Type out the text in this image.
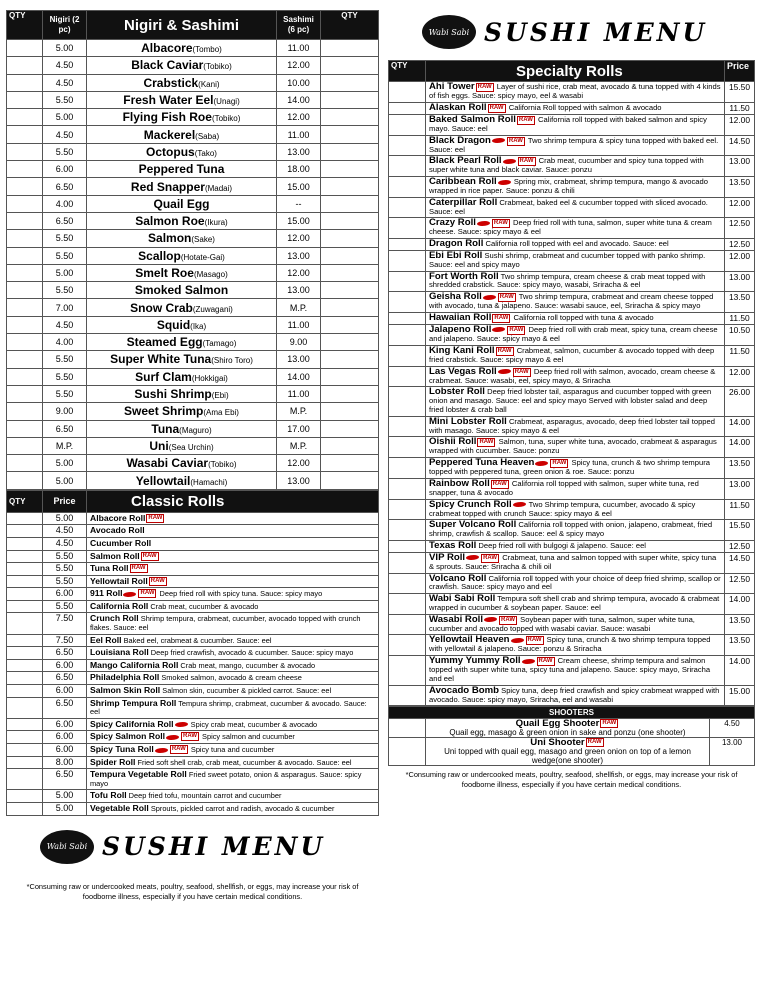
QTY	Nigiri (2 pc)	Nigiri & Sashimi	Sashimi (6 pc)	QTY
	5.00	Albacore(Tombo)	11.00	
	4.50	Black Caviar(Tobiko)	12.00	
	4.50	Crabstick(Kani)	10.00	
	5.50	Fresh Water Eel(Unagi)	14.00	
	5.00	Flying Fish Roe(Tobiko)	12.00	
	4.50	Mackerel(Saba)	11.00	
	5.50	Octopus(Tako)	13.00	
	6.00	Peppered Tuna	18.00	
	6.50	Red Snapper(Madai)	15.00	
	4.00	Quail Egg	--	
	6.50	Salmon Roe(Ikura)	15.00	
	5.50	Salmon(Sake)	12.00	
	5.50	Scallop(Hotate-Gai)	13.00	
	5.00	Smelt Roe(Masago)	12.00	
	5.50	Smoked Salmon	13.00	
	7.00	Snow Crab(Zuwagani)	M.P.	
	4.50	Squid(Ika)	11.00	
	4.00	Steamed Egg(Tamago)	9.00	
	5.50	Super White Tuna(Shiro Toro)	13.00	
	5.50	Surf Clam(Hokkigai)	14.00	
	5.50	Sushi Shrimp(Ebi)	11.00	
	9.00	Sweet Shrimp(Ama Ebi)	M.P.	
	6.50	Tuna(Maguro)	17.00	
	M.P.	Uni(Sea Urchin)	M.P.	
	5.00	Wasabi Caviar(Tobiko)	12.00	
	5.00	Yellowtail(Hamachi)	13.00	
QTY	Price	Classic Rolls
	5.00	Albacore Roll RAW
	4.50	Avocado Roll
	4.50	Cucumber Roll
	5.50	Salmon Roll RAW
	5.50	Tuna Roll RAW
	5.50	Yellowtail Roll RAW
	6.00	911 Roll RAW Deep fried roll with spicy tuna. Sauce: spicy mayo
	5.50	California Roll Crab meat, cucumber & avocado
	7.50	Crunch Roll Shrimp tempura, crabmeat, cucumber, avocado topped with crunch flakes. Sauce: eel
	7.50	Eel Roll Baked eel, crabmeat & cucumber. Sauce: eel
	6.50	Louisiana Roll Deep fried crawfish, avocado & cucumber. Sauce: spicy mayo
	6.00	Mango California Roll Crab meat, mango, cucumber & avocado
	6.50	Philadelphia Roll Smoked salmon, avocado & cream cheese
	6.00	Salmon Skin Roll Salmon skin, cucumber & pickled carrot. Sauce: eel
	6.50	Shrimp Tempura Roll Tempura shrimp, crabmeat, cucumber & avocado. Sauce: eel
	6.00	Spicy California Roll Spicy crab meat, cucumber & avocado
	6.00	Spicy Salmon Roll RAW Spicy salmon and cucumber
	6.00	Spicy Tuna Roll RAW Spicy tuna and cucumber
	8.00	Spider Roll Fried soft shell crab, crab meat, cucumber & avocado. Sauce: eel
	6.50	Tempura Vegetable Roll Fried sweet potato, onion & asparagus. Sauce: spicy mayo
	5.00	Tofu Roll Deep fried tofu, mountain carrot and cucumber
	5.00	Vegetable Roll Sprouts, pickled carrot and radish, avocado & cucumber
Wabi Sabi SUSHI MENU
*Consuming raw or undercooked meats, poultry, seafood, shellfish, or eggs, may increase your risk of foodborne illness, especially if you have certain medical conditions.
Wabi Sabi SUSHI MENU
QTY	Specialty Rolls	Price
	Ahi Tower RAW Layer of sushi rice, crab meat, avocado & tuna topped with 4 kinds of fish eggs. Sauce: spicy mayo, eel & wasabi	15.50
	Alaskan Roll RAW California Roll topped with salmon & avocado	11.50
	Baked Salmon Roll RAW California roll topped with baked salmon and spicy mayo. Sauce: eel	12.00
	Black Dragon RAW Two shrimp tempura & spicy tuna topped with baked eel. Sauce: eel	14.50
	Black Pearl Roll RAW Crab meat, cucumber and spicy tuna topped with super white tuna and black caviar. Sauce: ponzu	13.00
	Caribbean Roll Spring mix, crabmeat, shrimp tempura, mango & avocado wrapped in rice paper. Sauce: ponzu & chili	13.50
	Caterpillar Roll Crabmeat, baked eel & cucumber topped with sliced avocado. Sauce: eel	12.00
	Crazy Roll RAW Deep fried roll with tuna, salmon, super white tuna & cream cheese. Sauce: spicy mayo & eel	12.50
	Dragon Roll California roll topped with eel and avocado. Sauce: eel	12.50
	Ebi Ebi Roll Sushi shrimp, crabmeat and cucumber topped with panko shrimp. Sauce: eel and spicy mayo	12.00
	Fort Worth Roll Two shrimp tempura, cream cheese & crab meat topped with shredded crabstick. Sauce: spicy mayo, wasabi, Sriracha & eel	13.00
	Geisha Roll RAW Two shrimp tempura, crabmeat and cream cheese topped with avocado, tuna & jalapeno. Sauce: wasabi sauce, eel, Sriracha & spicy mayo	13.50
	Hawaiian Roll RAW California roll topped with tuna & avocado	11.50
	Jalapeno Roll RAW Deep fried roll with crab meat, spicy tuna, cream cheese and jalapeno. Sauce: spicy mayo & eel	10.50
	King Kani Roll RAW Crabmeat, salmon, cucumber & avocado topped with deep fried crabstick. Sauce: spicy mayo & eel	11.50
	Las Vegas Roll RAW Deep fried roll with salmon, avocado, cream cheese & crabmeat. Sauce: wasabi, eel, spicy mayo, & Sriracha	12.00
	Lobster Roll Deep fried lobster tail, asparagus and cucumber topped with green onion and masago. Sauce: eel and spicy mayo Served with lobster salad and deep fried lobster & crab ball	26.00
	Mini Lobster Roll Crabmeat, asparagus, avocado, deep fried lobster tail topped with masago. Sauce: spicy mayo & eel	14.00
	Oishii Roll RAW Salmon, tuna, super white tuna, avocado, crabmeat & asparagus wrapped with cucumber. Sauce: ponzu	14.00
	Peppered Tuna Heaven RAW Spicy tuna, crunch & two shrimp tempura topped with peppered tuna, green onion & roe. Sauce: ponzu	13.50
	Rainbow Roll RAW California roll topped with salmon, super white tuna, red snapper, tuna & avocado	13.00
	Spicy Crunch Roll Two Shrimp tempura, cucumber, avocado & spicy crabmeat topped with crunch Sauce: spicy mayo & eel	11.50
	Super Volcano Roll California roll topped with onion, jalapeno, crabmeat, fried shrimp, crawfish & scallop. Sauce: eel & spicy mayo	15.50
	Texas Roll Deep fried roll with bulgogi & jalapeno. Sauce: eel	12.50
	VIP Roll RAW Crabmeat, tuna and salmon topped with super white, spicy tuna & sprouts. Sauce: Sriracha & chili oil	14.50
	Volcano Roll California roll topped with your choice of deep fried shrimp, scallop or crawfish. Sauce: spicy mayo and eel	12.50
	Wabi Sabi Roll Tempura soft shell crab and shrimp tempura, avocado & crabmeat wrapped in cucumber & soybean paper. Sauce: eel	14.00
	Wasabi Roll RAW Soybean paper with tuna, salmon, super white tuna, cucumber and avocado topped with wasabi caviar. Sauce: wasabi	13.50
	Yellowtail Heaven RAW Spicy tuna, crunch & two shrimp tempura topped with yellowtail & jalapeno. Sauce: ponzu & Sriracha	13.50
	Yummy Yummy Roll RAW Cream cheese, shrimp tempura and salmon topped with super white tuna, spicy tuna and jalapeno. Sauce: spicy mayo, Sriracha and eel	14.00
	Avocado Bomb Spicy tuna, deep fried crawfish and spicy crabmeat wrapped with avocado. Sauce: spicy mayo, Sriracha, eel and wasabi	15.00
SHOOTERS		
	Quail Egg Shooter RAW
Quail egg, masago & green onion in sake and ponzu (one shooter)	4.50
	Uni Shooter RAW
Uni topped with quail egg, masago and green onion on top of a lemon wedge(one shooter)	13.00
*Consuming raw or undercooked meats, poultry, seafood, shellfish, or eggs, may increase your risk of foodborne illness, especially if you have certain medical conditions.
